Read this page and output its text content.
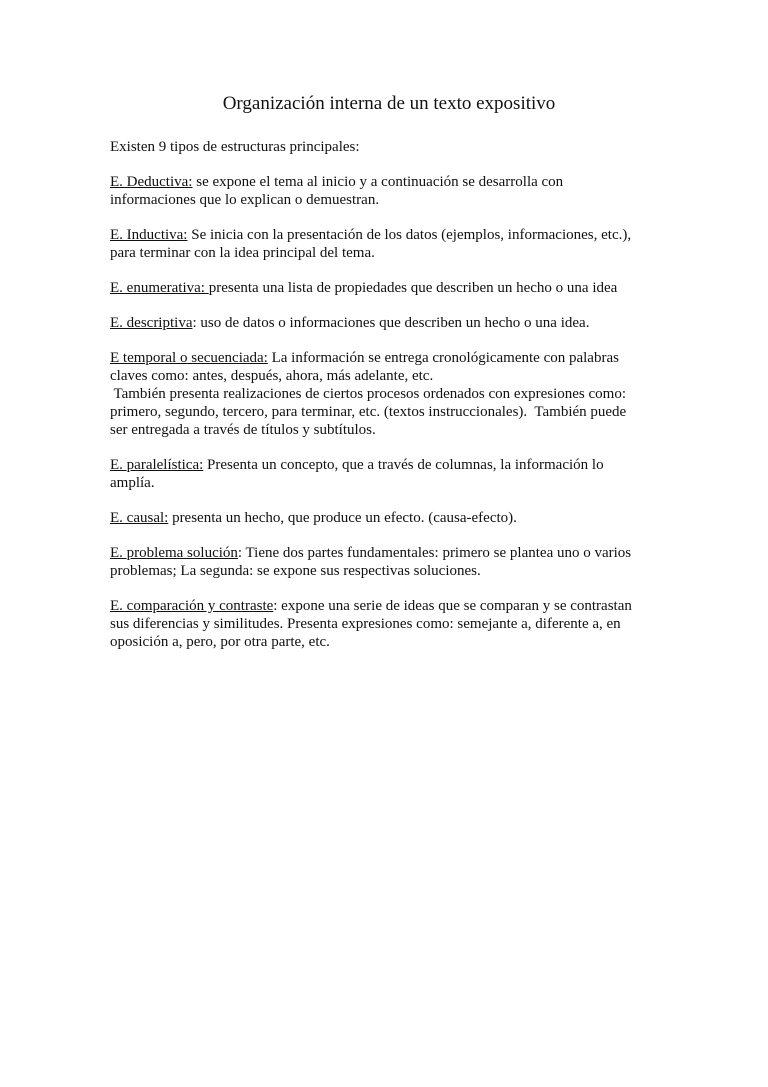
Organización interna de un texto expositivo

Existen 9 tipos de estructuras principales:

E. Deductiva: se expone el tema al inicio y a continuación se desarrolla con
informaciones que lo explican o demuestran.

E. Inductiva: Se inicia con la presentación de los datos (ejemplos, informaciones, etc.),
para terminar con la idea principal del tema.

E. enumerativa: presenta una lista de propiedades que describen un hecho o una idea

E. descriptiva: uso de datos o informaciones que describen un hecho o una idea.

E temporal o secuenciada: La información se entrega cronológicamente con palabras
claves como: antes, después, ahora, más adelante, etc.
También presenta realizaciones de ciertos procesos ordenados con expresiones como:
primero, segundo, tercero, para terminar, etc. (textos instruccionales).  También puede
ser entregada a través de títulos y subtítulos.

E. paralelística: Presenta un concepto, que a través de columnas, la información lo
amplía.

E. causal: presenta un hecho, que produce un efecto. (causa-efecto).

E. problema solución: Tiene dos partes fundamentales: primero se plantea uno o varios
problemas; La segunda: se expone sus respectivas soluciones.

E. comparación y contraste: expone una serie de ideas que se comparan y se contrastan
sus diferencias y similitudes. Presenta expresiones como: semejante a, diferente a, en
oposición a, pero, por otra parte, etc.
